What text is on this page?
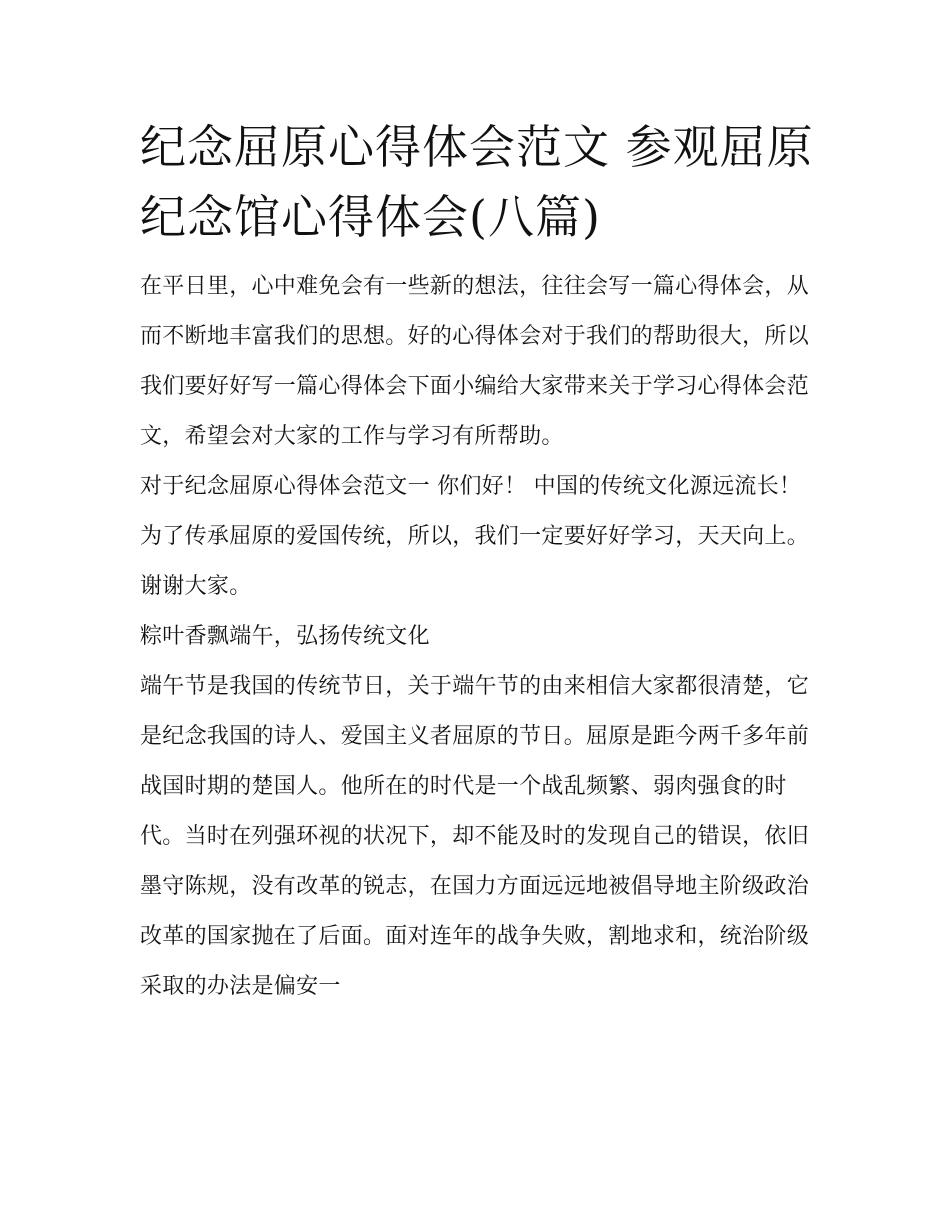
纪念屈原心得体会范文 参观屈原纪念馆心得体会(八篇)

在平日里，心中难免会有一些新的想法，往往会写一篇心得体会，从而不断地丰富我们的思想。好的心得体会对于我们的帮助很大，所以我们要好好写一篇心得体会下面小编给大家带来关于学习心得体会范文，希望会对大家的工作与学习有所帮助。

对于纪念屈原心得体会范文一 你们好！ 中国的传统文化源远流长！ 为了传承屈原的爱国传统，所以，我们一定要好好学习，天天向上。谢谢大家。

粽叶香飘端午，弘扬传统文化

端午节是我国的传统节日，关于端午节的由来相信大家都很清楚，它是纪念我国的诗人、爱国主义者屈原的节日。屈原是距今两千多年前战国时期的楚国人。他所在的时代是一个战乱频繁、弱肉强食的时代。当时在列强环视的状况下，却不能及时的发现自己的错误，依旧墨守陈规，没有改革的锐志，在国力方面远远地被倡导地主阶级政治改革的国家抛在了后面。面对连年的战争失败，割地求和，统治阶级采取的办法是偏安一
